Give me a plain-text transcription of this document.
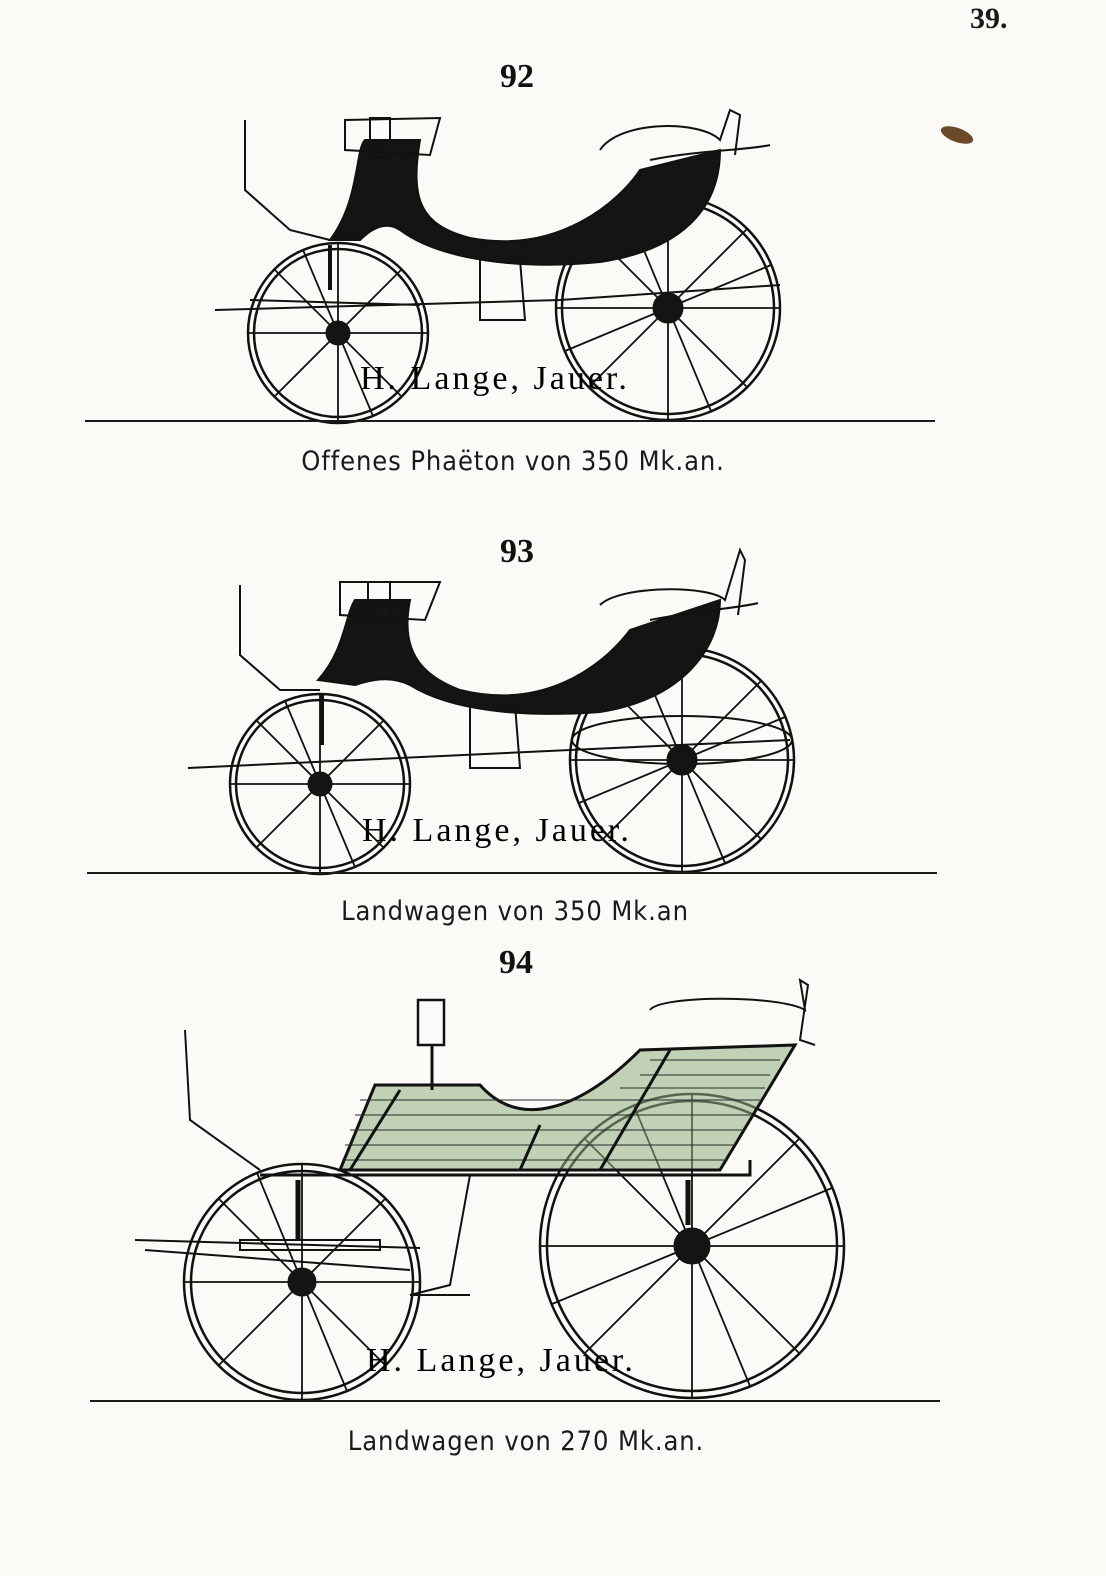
39.
92
H. Lange, Jauer.
Offenes Phaëton von 350 Mk.an.
93
H. Lange, Jauer.
Landwagen von 350 Mk.an
94
H. Lange, Jauer.
Landwagen von 270 Mk.an.
